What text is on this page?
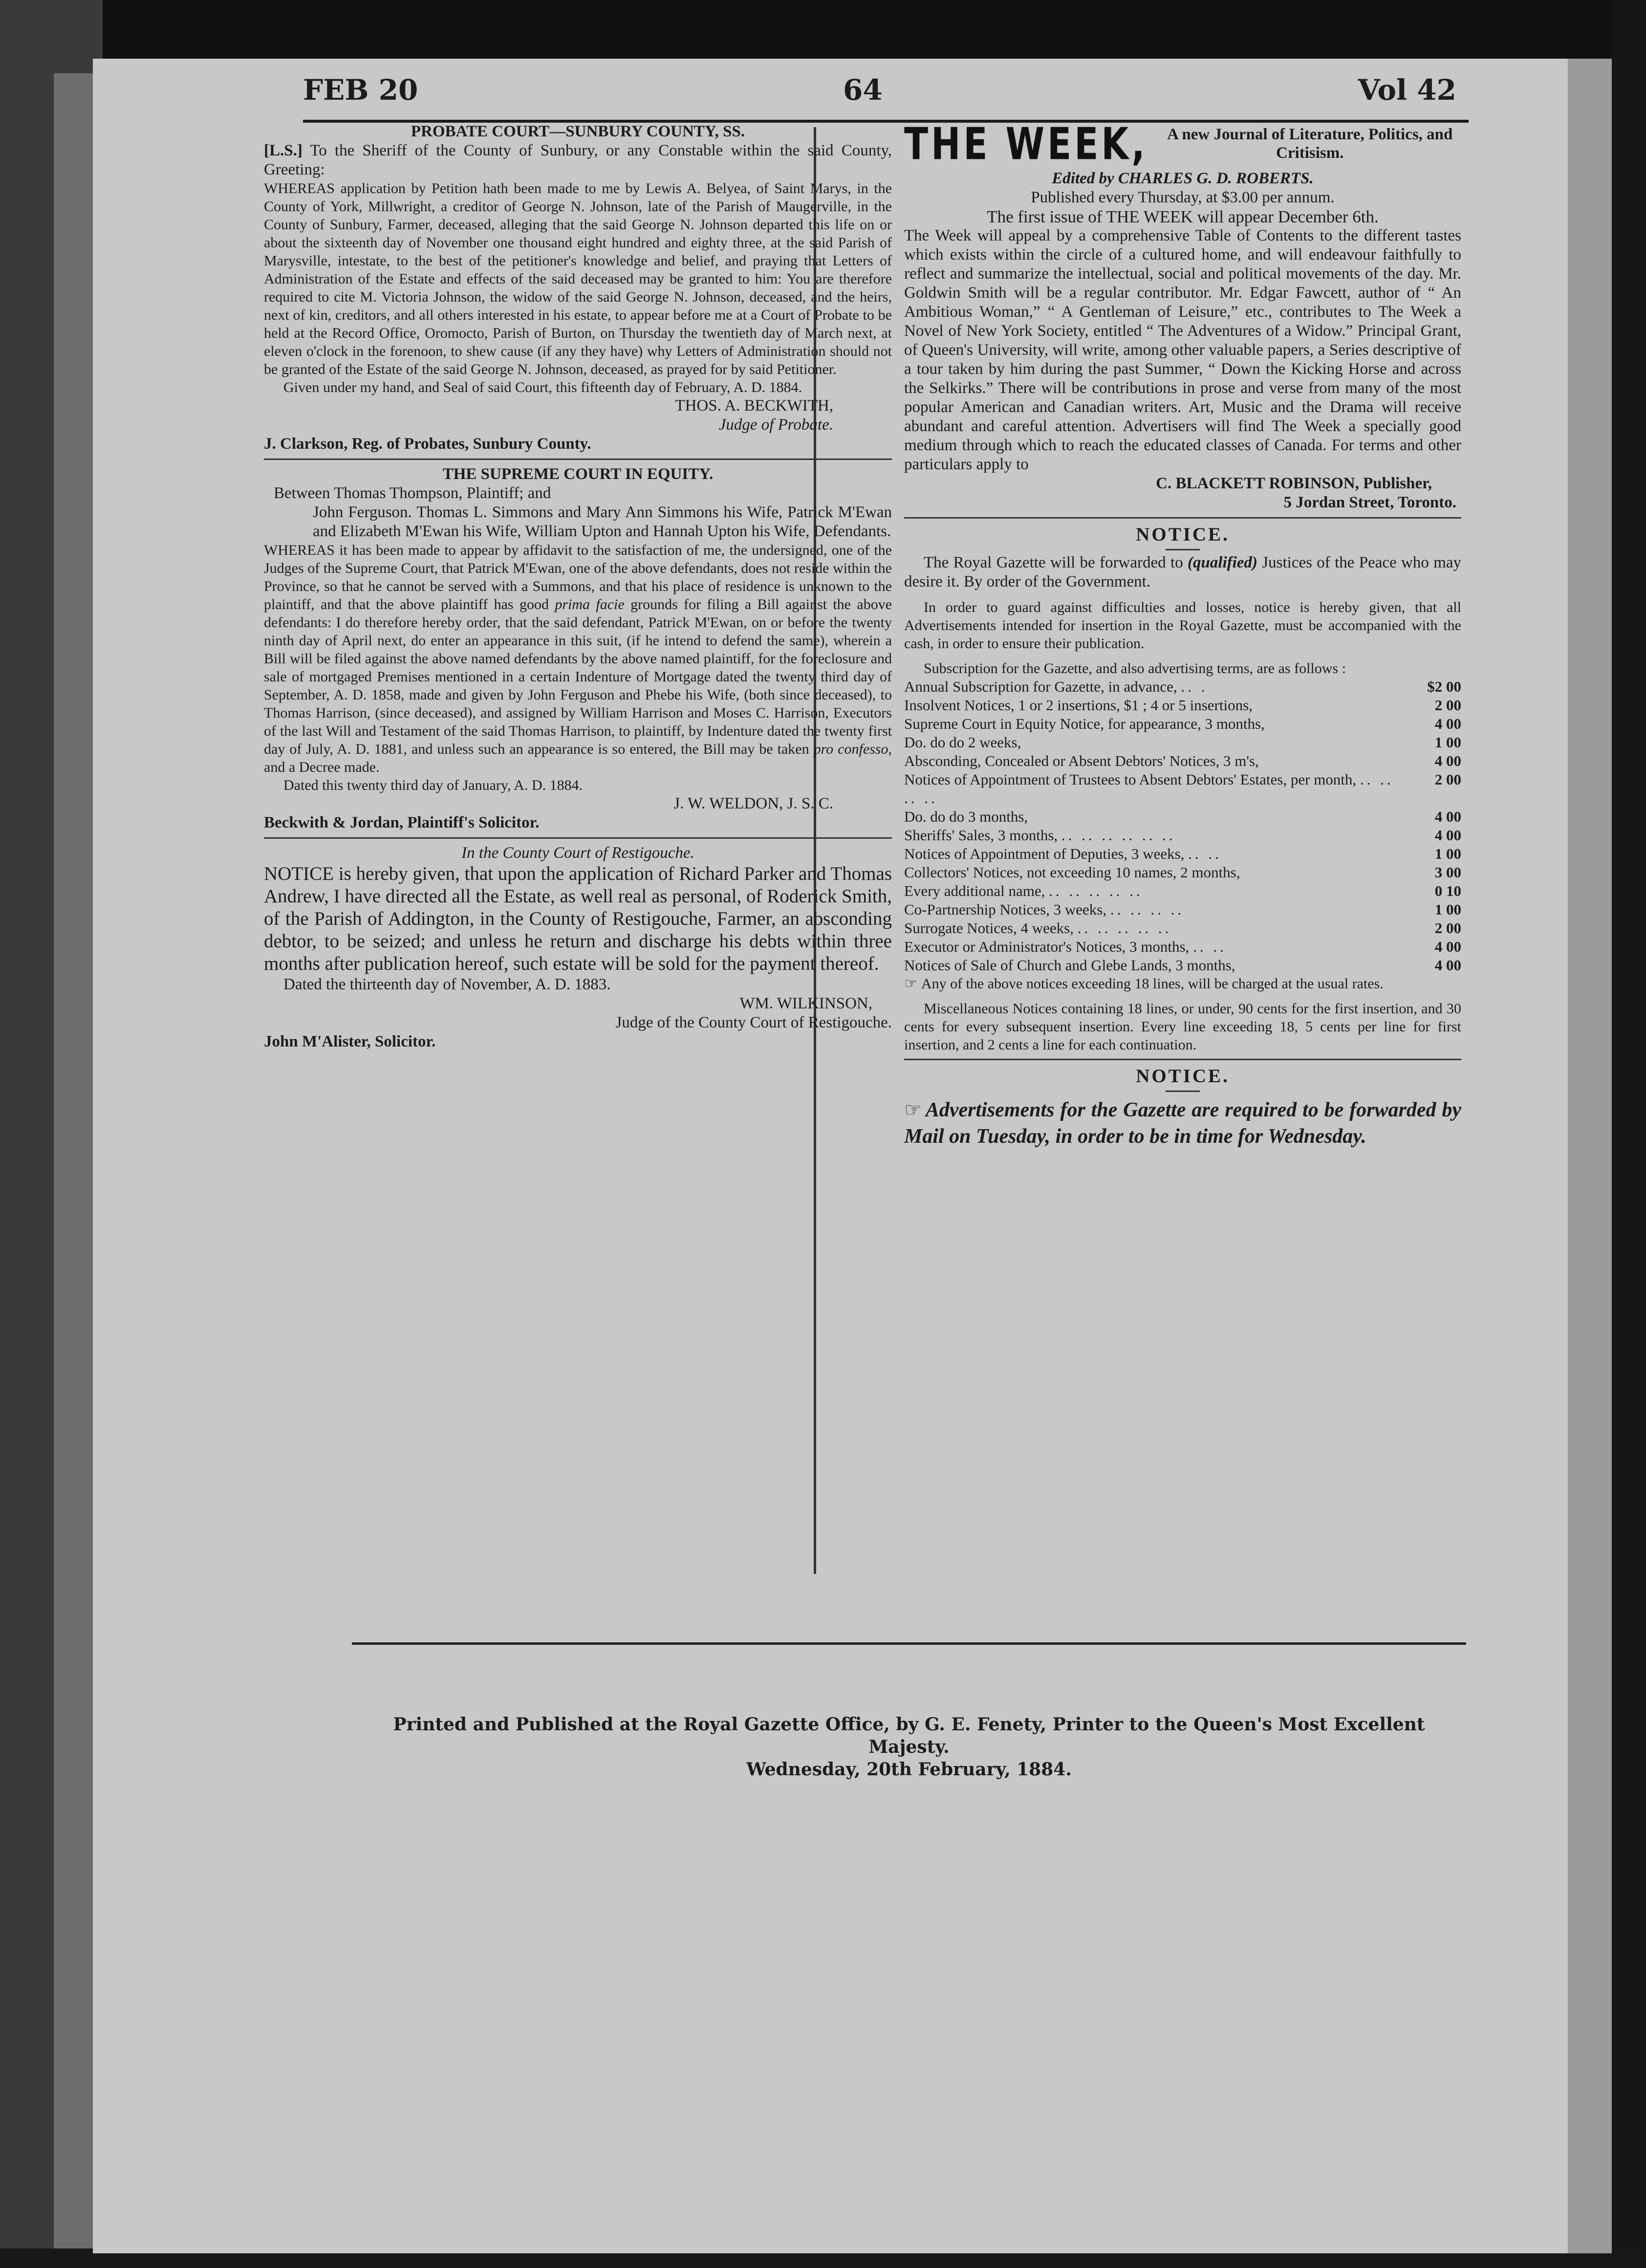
FEB 20	64	Vol 42

PROBATE COURT—SUNBURY COUNTY, SS.

[L.S.] To the Sheriff of the County of Sunbury, or any Constable within the said County, Greeting:

WHEREAS application by Petition hath been made to me by Lewis A. Belyea, of Saint Marys, in the County of York, Millwright, a creditor of George N. Johnson, late of the Parish of Maugerville, in the County of Sunbury, Farmer, deceased, alleging that the said George N. Johnson departed this life on or about the sixteenth day of November one thousand eight hundred and eighty three, at the said Parish of Marysville, intestate, to the best of the petitioner's knowledge and belief, and praying that Letters of Administration of the Estate and effects of the said deceased may be granted to him: You are therefore required to cite M. Victoria Johnson, the widow of the said George N. Johnson, deceased, and the heirs, next of kin, creditors, and all others interested in his estate, to appear before me at a Court of Probate to be held at the Record Office, Oromocto, Parish of Burton, on Thursday the twentieth day of March next, at eleven o'clock in the forenoon, to shew cause (if any they have) why Letters of Administration should not be granted of the Estate of the said George N. Johnson, deceased, as prayed for by said Petitioner.

Given under my hand, and Seal of said Court, this fifteenth day of February, A. D. 1884.

THOS. A. BECKWITH,

Judge of Probate.

J. Clarkson, Reg. of Probates, Sunbury County.

THE SUPREME COURT IN EQUITY.

Between Thomas Thompson, Plaintiff; and

John Ferguson. Thomas L. Simmons and Mary Ann Simmons his Wife, Patrick M'Ewan and Elizabeth M'Ewan his Wife, William Upton and Hannah Upton his Wife, Defendants.

WHEREAS it has been made to appear by affidavit to the satisfaction of me, the undersigned, one of the Judges of the Supreme Court, that Patrick M'Ewan, one of the above defendants, does not reside within the Province, so that he cannot be served with a Summons, and that his place of residence is unknown to the plaintiff, and that the above plaintiff has good prima facie grounds for filing a Bill against the above defendants: I do therefore hereby order, that the said defendant, Patrick M'Ewan, on or before the twenty ninth day of April next, do enter an appearance in this suit, (if he intend to defend the same), wherein a Bill will be filed against the above named defendants by the above named plaintiff, for the foreclosure and sale of mortgaged Premises mentioned in a certain Indenture of Mortgage dated the twenty third day of September, A. D. 1858, made and given by John Ferguson and Phebe his Wife, (both since deceased), to Thomas Harrison, (since deceased), and assigned by William Harrison and Moses C. Harrison, Executors of the last Will and Testament of the said Thomas Harrison, to plaintiff, by Indenture dated the twenty first day of July, A. D. 1881, and unless such an appearance is so entered, the Bill may be taken pro confesso, and a Decree made.

Dated this twenty third day of January, A. D. 1884.

J. W. WELDON, J. S. C.

Beckwith & Jordan, Plaintiff's Solicitor.

In the County Court of Restigouche.

NOTICE is hereby given, that upon the application of Richard Parker and Thomas Andrew, I have directed all the Estate, as well real as personal, of Roderick Smith, of the Parish of Addington, in the County of Restigouche, Farmer, an absconding debtor, to be seized; and unless he return and discharge his debts within three months after publication hereof, such estate will be sold for the payment thereof.

Dated the thirteenth day of November, A. D. 1883.

WM. WILKINSON,

Judge of the County Court of Restigouche.

John M'Alister, Solicitor.

THE WEEK,	A new Journal of Literature, Politics, and Critisism.

Edited by CHARLES G. D. ROBERTS.

Published every Thursday, at $3.00 per annum.

The first issue of THE WEEK will appear December 6th.

The Week will appeal by a comprehensive Table of Contents to the different tastes which exists within the circle of a cultured home, and will endeavour faithfully to reflect and summarize the intellectual, social and political movements of the day. Mr. Goldwin Smith will be a regular contributor. Mr. Edgar Fawcett, author of “ An Ambitious Woman,” “ A Gentleman of Leisure,” etc., contributes to The Week a Novel of New York Society, entitled “ The Adventures of a Widow.” Principal Grant, of Queen's University, will write, among other valuable papers, a Series descriptive of a tour taken by him during the past Summer, “ Down the Kicking Horse and across the Selkirks.” There will be contributions in prose and verse from many of the most popular American and Canadian writers. Art, Music and the Drama will receive abundant and careful attention. Advertisers will find The Week a specially good medium through which to reach the educated classes of Canada. For terms and other particulars apply to

C. BLACKETT ROBINSON, Publisher,

5 Jordan Street, Toronto.

NOTICE.

The Royal Gazette will be forwarded to (qualified) Justices of the Peace who may desire it. By order of the Government.

In order to guard against difficulties and losses, notice is hereby given, that all Advertisements intended for insertion in the Royal Gazette, must be accompanied with the cash, in order to ensure their publication.

Subscription for the Gazette, and also advertising terms, are as follows :

Annual Subscription for Gazette, in advance, .. .	$2 00
Insolvent Notices, 1 or 2 insertions, $1 ; 4 or 5 insertions,	2 00
Supreme Court in Equity Notice, for appearance, 3 months,	4 00
Do. do do 2 weeks,	1 00
Absconding, Concealed or Absent Debtors' Notices, 3 m's,	4 00
Notices of Appointment of Trustees to Absent Debtors' Estates, per month, .. .. .. ..	2 00
Do. do do 3 months,	4 00
Sheriffs' Sales, 3 months, .. .. .. .. .. ..	4 00
Notices of Appointment of Deputies, 3 weeks, .. ..	1 00
Collectors' Notices, not exceeding 10 names, 2 months,	3 00
Every additional name, .. .. .. .. ..	0 10
Co-Partnership Notices, 3 weeks, .. .. .. ..	1 00
Surrogate Notices, 4 weeks, .. .. .. .. ..	2 00
Executor or Administrator's Notices, 3 months, .. ..	4 00
Notices of Sale of Church and Glebe Lands, 3 months,	4 00

☞ Any of the above notices exceeding 18 lines, will be charged at the usual rates.

Miscellaneous Notices containing 18 lines, or under, 90 cents for the first insertion, and 30 cents for every subsequent insertion. Every line exceeding 18, 5 cents per line for first insertion, and 2 cents a line for each continuation.

NOTICE.

☞ Advertisements for the Gazette are required to be forwarded by Mail on Tuesday, in order to be in time for Wednesday.

Printed and Published at the Royal Gazette Office, by G. E. Fenety, Printer to the Queen's Most Excellent Majesty.

Wednesday, 20th February, 1884.
